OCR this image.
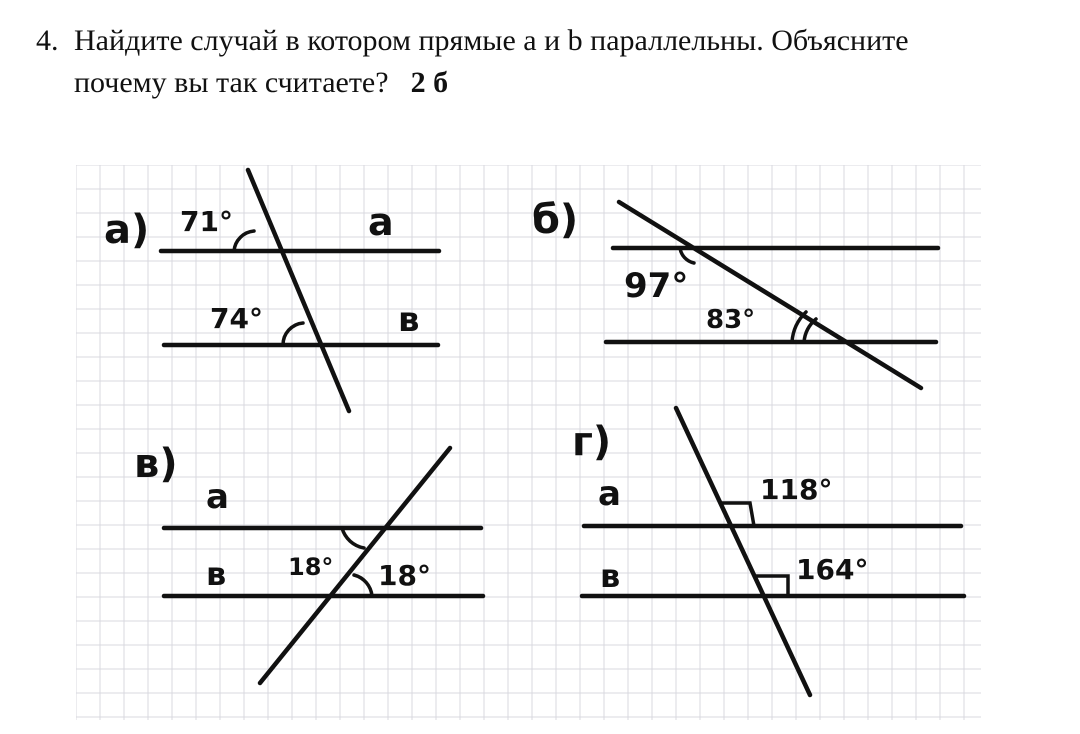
4. Найдите случай в котором прямые a и b параллельны. Объясните
почему вы так считаете? 2 б
а) 71°
74°
a
в
б)
97°
83°
в)
a
в	18° 18°
г)
a
в
118°
164°
